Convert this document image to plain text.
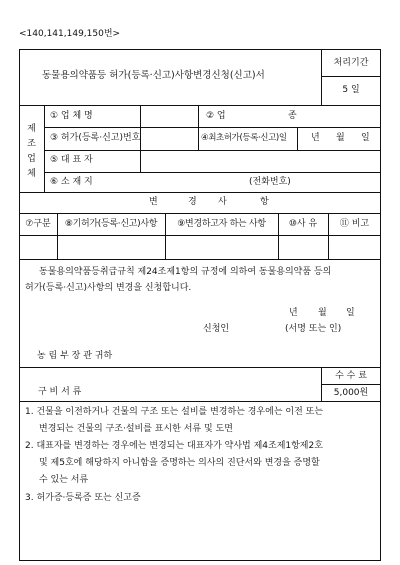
<140,141,149,150번>
동물용의약품등 허가(등록·신고)사항변경신청(신고)서
처리기간
5 일
제
조
업
체
① 업 체 명	② 업	종
③ 허가(등록·신고)번호	④최초허가(등록·신고)일	년 월 일
⑤ 대 표 자
⑥ 소 재 지	(전화번호)
변	경 사	항
⑦구분	⑧기허가(등록·신고)사항	⑨변경하고자 하는 사항	⑩사 유	⑪ 비고
동물용의약품등취급규칙 제24조제1항의 규정에 의하여 동물용의약품 등의
허가(등록·신고)사항의 변경을 신청합니다.
년 월 일
신청인	(서명 또는 인)
농 림 부 장 관 귀하
구 비 서 류
수 수 료
5,000원
1. 건물을 이전하거나 건물의 구조 또는 설비를 변경하는 경우에는 이전 또는
변경되는 건물의 구조·설비를 표시한 서류 및 도면
2. 대표자를 변경하는 경우에는 변경되는 대표자가 약사법 제4조제1항제2호
및 제5호에 해당하지 아니함을 증명하는 의사의 진단서와 변경을 증명할
수 있는 서류
3. 허가증·등록증 또는 신고증
